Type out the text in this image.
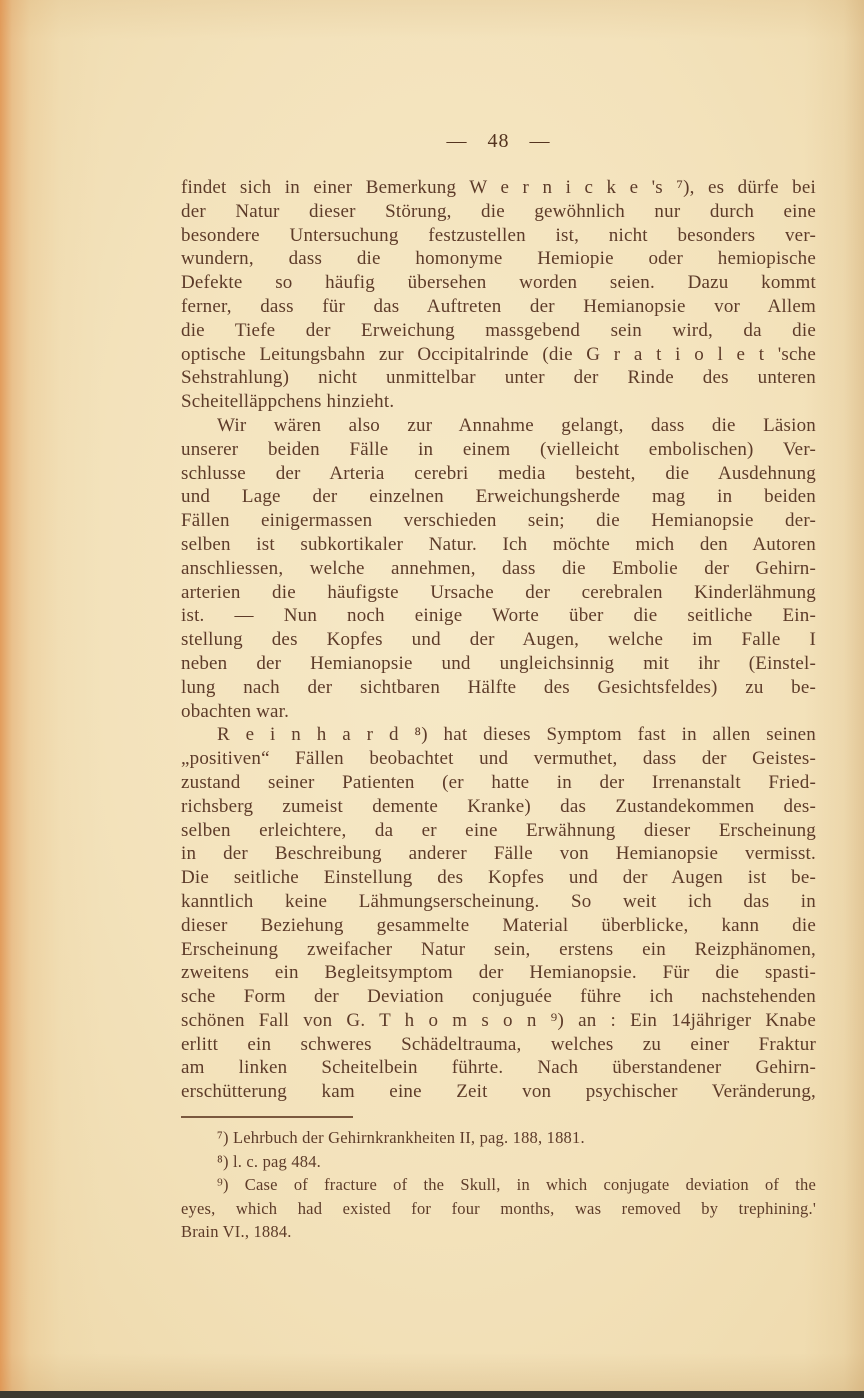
— 48 —
findet sich in einer Bemerkung W e r n i c k e 's ⁷), es dürfe bei
der Natur dieser Störung, die gewöhnlich nur durch eine
besondere Untersuchung festzustellen ist, nicht besonders ver-
wundern, dass die homonyme Hemiopie oder hemiopische
Defekte so häufig übersehen worden seien. Dazu kommt
ferner, dass für das Auftreten der Hemianopsie vor Allem
die Tiefe der Erweichung massgebend sein wird, da die
optische Leitungsbahn zur Occipitalrinde (die G r a t i o l e t 'sche
Sehstrahlung) nicht unmittelbar unter der Rinde des unteren
Scheitelläppchens hinzieht.
Wir wären also zur Annahme gelangt, dass die Läsion
unserer beiden Fälle in einem (vielleicht embolischen) Ver-
schlusse der Arteria cerebri media besteht, die Ausdehnung
und Lage der einzelnen Erweichungsherde mag in beiden
Fällen einigermassen verschieden sein; die Hemianopsie der-
selben ist subkortikaler Natur. Ich möchte mich den Autoren
anschliessen, welche annehmen, dass die Embolie der Gehirn-
arterien die häufigste Ursache der cerebralen Kinderlähmung
ist. — Nun noch einige Worte über die seitliche Ein-
stellung des Kopfes und der Augen, welche im Falle I
neben der Hemianopsie und ungleichsinnig mit ihr (Einstel-
lung nach der sichtbaren Hälfte des Gesichtsfeldes) zu be-
obachten war.
R e i n h a r d ⁸) hat dieses Symptom fast in allen seinen
„positiven“ Fällen beobachtet und vermuthet, dass der Geistes-
zustand seiner Patienten (er hatte in der Irrenanstalt Fried-
richsberg zumeist demente Kranke) das Zustandekommen des-
selben erleichtere, da er eine Erwähnung dieser Erscheinung
in der Beschreibung anderer Fälle von Hemianopsie vermisst.
Die seitliche Einstellung des Kopfes und der Augen ist be-
kanntlich keine Lähmungserscheinung. So weit ich das in
dieser Beziehung gesammelte Material überblicke, kann die
Erscheinung zweifacher Natur sein, erstens ein Reizphänomen,
zweitens ein Begleitsymptom der Hemianopsie. Für die spasti-
sche Form der Deviation conjuguée führe ich nachstehenden
schönen Fall von G. T h o m s o n ⁹) an : Ein 14jähriger Knabe
erlitt ein schweres Schädeltrauma, welches zu einer Fraktur
am linken Scheitelbein führte. Nach überstandener Gehirn-
erschütterung kam eine Zeit von psychischer Veränderung,
⁷) Lehrbuch der Gehirnkrankheiten II, pag. 188, 1881.
⁸) l. c. pag 484.
⁹) Case of fracture of the Skull, in which conjugate deviation of the
eyes, which had existed for four months, was removed by trephining.'
Brain VI., 1884.
